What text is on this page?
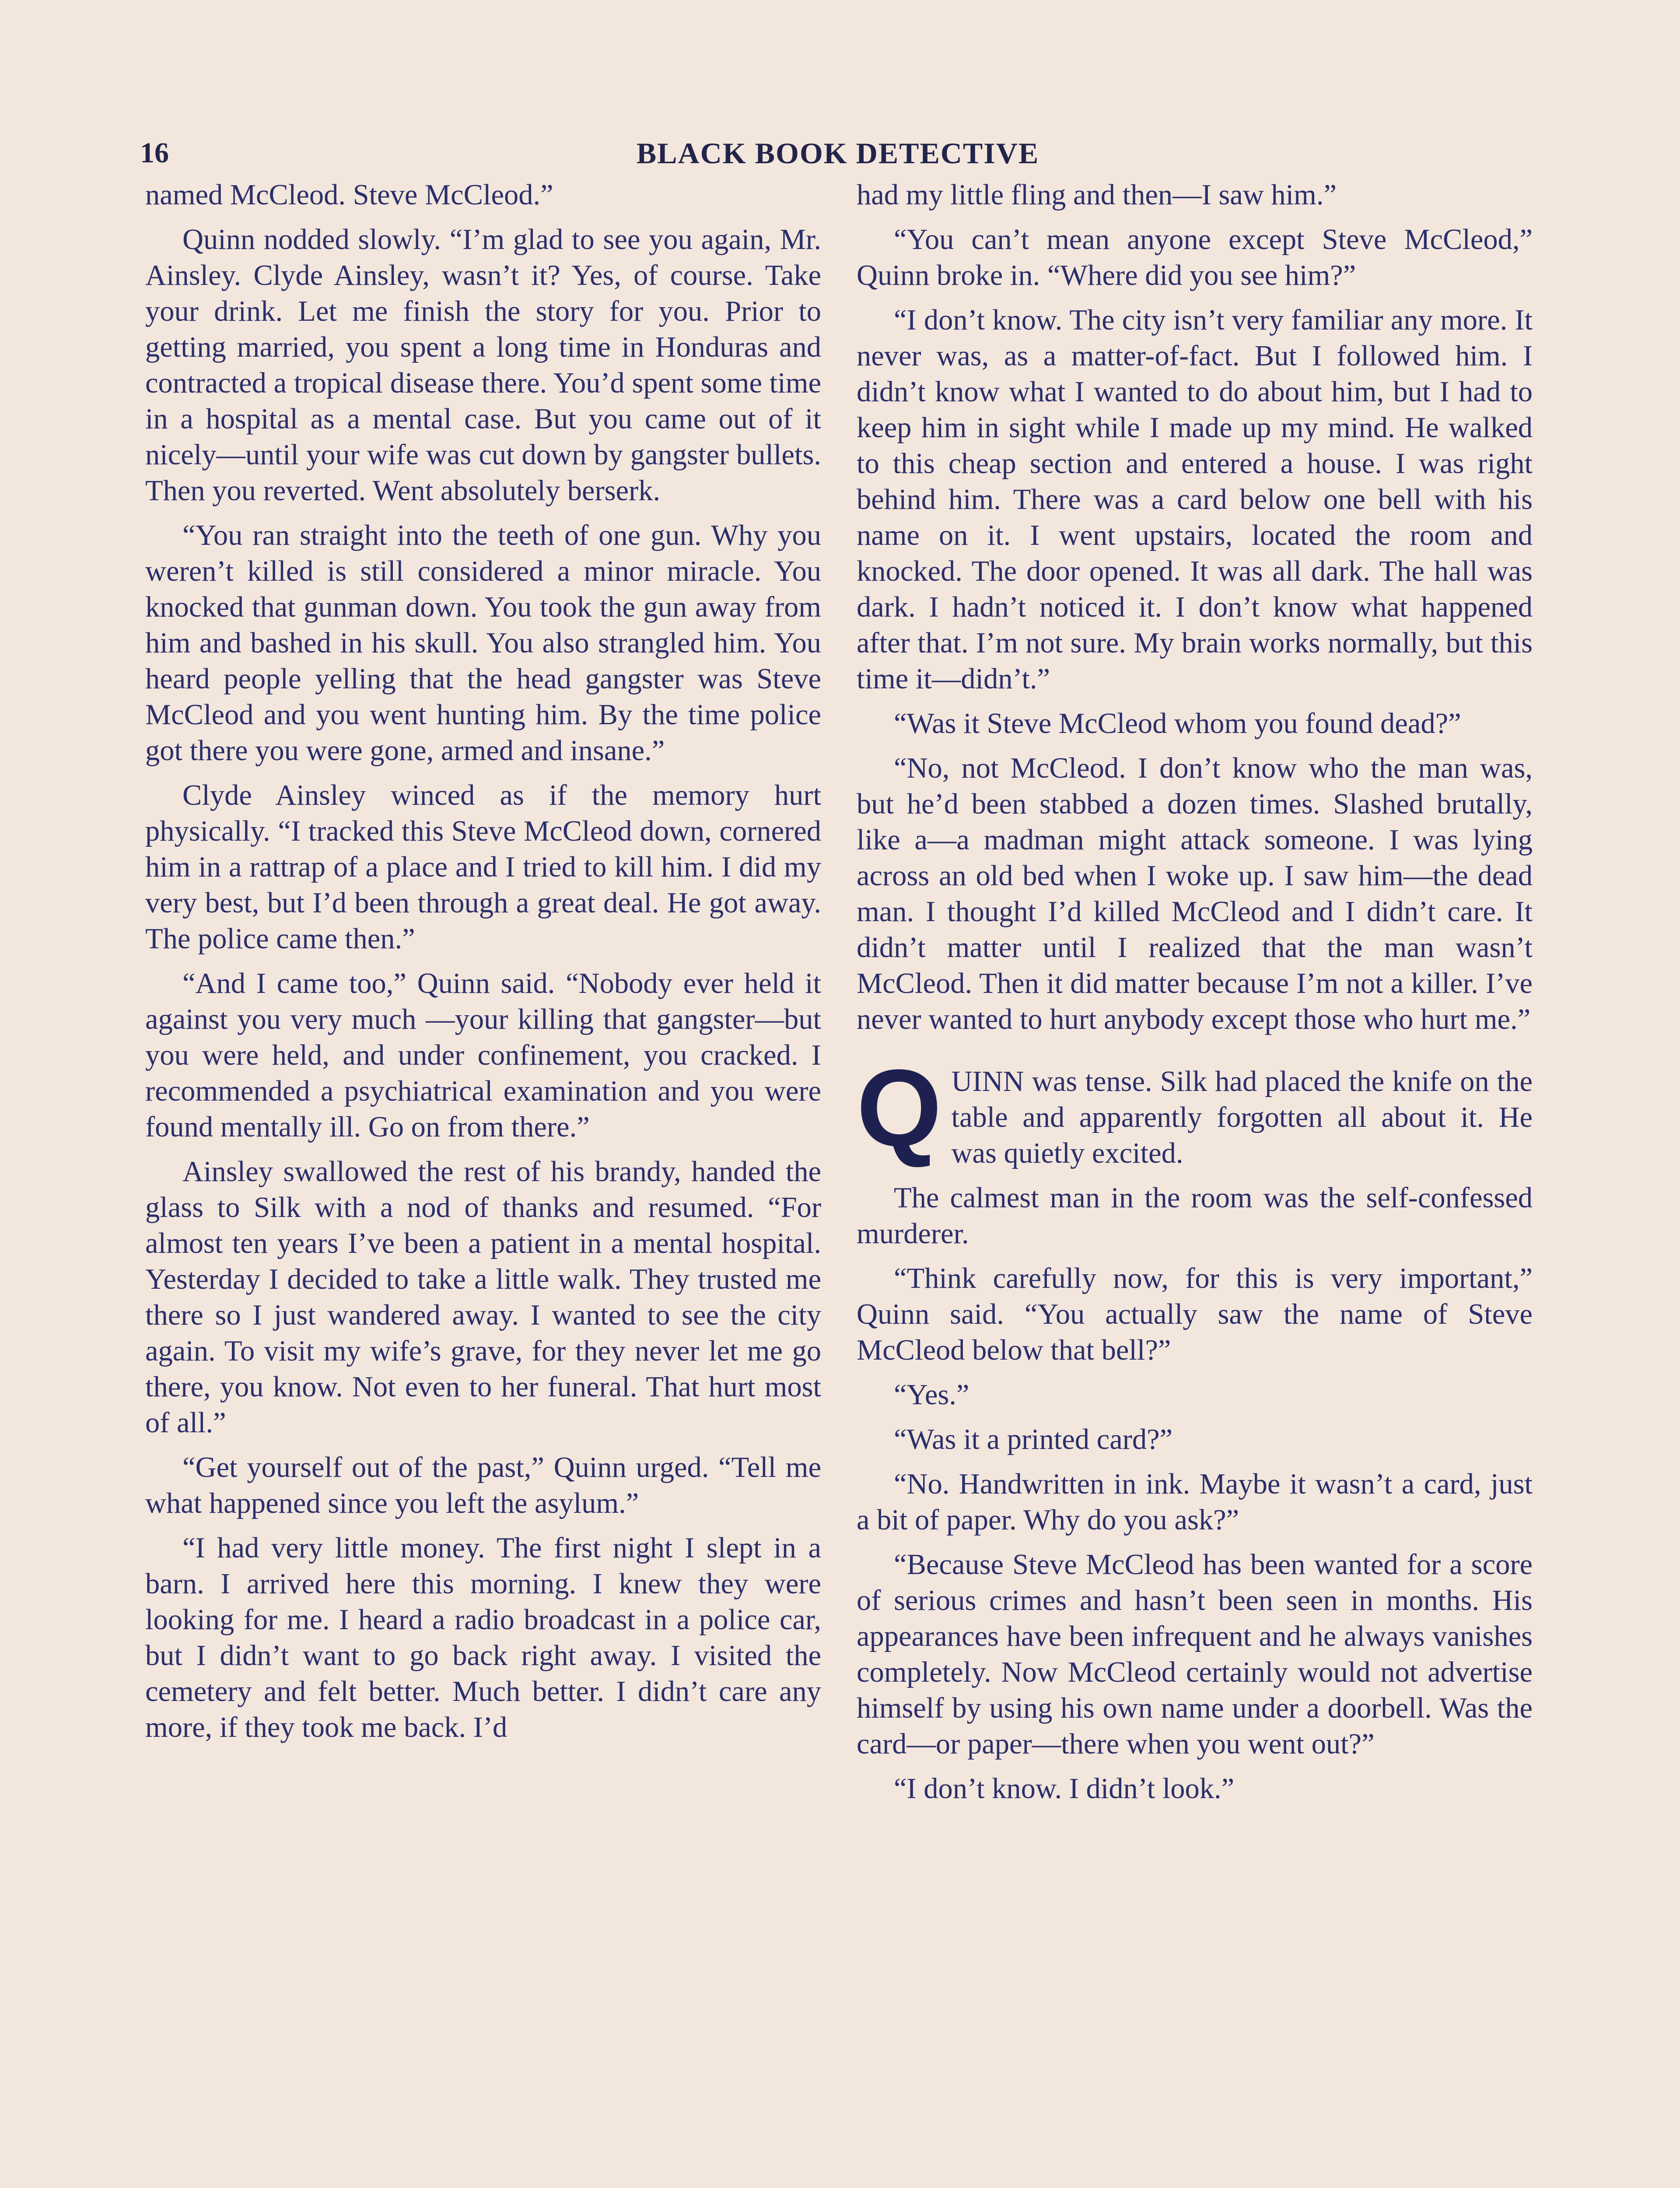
16	BLACK BOOK DETECTIVE

named McCleod. Steve McCleod.”

Quinn nodded slowly. “I’m glad to see you again, Mr. Ainsley. Clyde Ainsley, wasn’t it? Yes, of course. Take your drink. Let me finish the story for you. Prior to getting married, you spent a long time in Honduras and contracted a tropical disease there. You’d spent some time in a hospital as a mental case. But you came out of it nicely—until your wife was cut down by gangster bullets. Then you reverted. Went absolutely berserk.

“You ran straight into the teeth of one gun. Why you weren’t killed is still considered a minor miracle. You knocked that gunman down. You took the gun away from him and bashed in his skull. You also strangled him. You heard people yelling that the head gangster was Steve McCleod and you went hunting him. By the time police got there you were gone, armed and insane.”

Clyde Ainsley winced as if the memory hurt physically. “I tracked this Steve McCleod down, cornered him in a rattrap of a place and I tried to kill him. I did my very best, but I’d been through a great deal. He got away. The police came then.”

“And I came too,” Quinn said. “Nobody ever held it against you very much —your killing that gangster—but you were held, and under confinement, you cracked. I recommended a psychiatrical examination and you were found mentally ill. Go on from there.”

Ainsley swallowed the rest of his brandy, handed the glass to Silk with a nod of thanks and resumed. “For almost ten years I’ve been a patient in a mental hospital. Yesterday I decided to take a little walk. They trusted me there so I just wandered away. I wanted to see the city again. To visit my wife’s grave, for they never let me go there, you know. Not even to her funeral. That hurt most of all.”

“Get yourself out of the past,” Quinn urged. “Tell me what happened since you left the asylum.”

“I had very little money. The first night I slept in a barn. I arrived here this morning. I knew they were looking for me. I heard a radio broadcast in a police car, but I didn’t want to go back right away. I visited the cemetery and felt better. Much better. I didn’t care any more, if they took me back. I’d

had my little fling and then—I saw him.”

“You can’t mean anyone except Steve McCleod,” Quinn broke in. “Where did you see him?”

“I don’t know. The city isn’t very familiar any more. It never was, as a matter-of-fact. But I followed him. I didn’t know what I wanted to do about him, but I had to keep him in sight while I made up my mind. He walked to this cheap section and entered a house. I was right behind him. There was a card below one bell with his name on it. I went upstairs, located the room and knocked. The door opened. It was all dark. The hall was dark. I hadn’t noticed it. I don’t know what happened after that. I’m not sure. My brain works normally, but this time it—didn’t.”

“Was it Steve McCleod whom you found dead?”

“No, not McCleod. I don’t know who the man was, but he’d been stabbed a dozen times. Slashed brutally, like a—a madman might attack someone. I was lying across an old bed when I woke up. I saw him—the dead man. I thought I’d killed McCleod and I didn’t care. It didn’t matter until I realized that the man wasn’t McCleod. Then it did matter because I’m not a killer. I’ve never wanted to hurt anybody except those who hurt me.”

QUINN was tense. Silk had placed the knife on the table and apparently forgotten all about it. He was quietly excited.

The calmest man in the room was the self-confessed murderer.

“Think carefully now, for this is very important,” Quinn said. “You actually saw the name of Steve McCleod below that bell?”

“Yes.”

“Was it a printed card?”

“No. Handwritten in ink. Maybe it wasn’t a card, just a bit of paper. Why do you ask?”

“Because Steve McCleod has been wanted for a score of serious crimes and hasn’t been seen in months. His appearances have been infrequent and he always vanishes completely. Now McCleod certainly would not advertise himself by using his own name under a doorbell. Was the card—or paper—there when you went out?”

“I don’t know. I didn’t look.”
